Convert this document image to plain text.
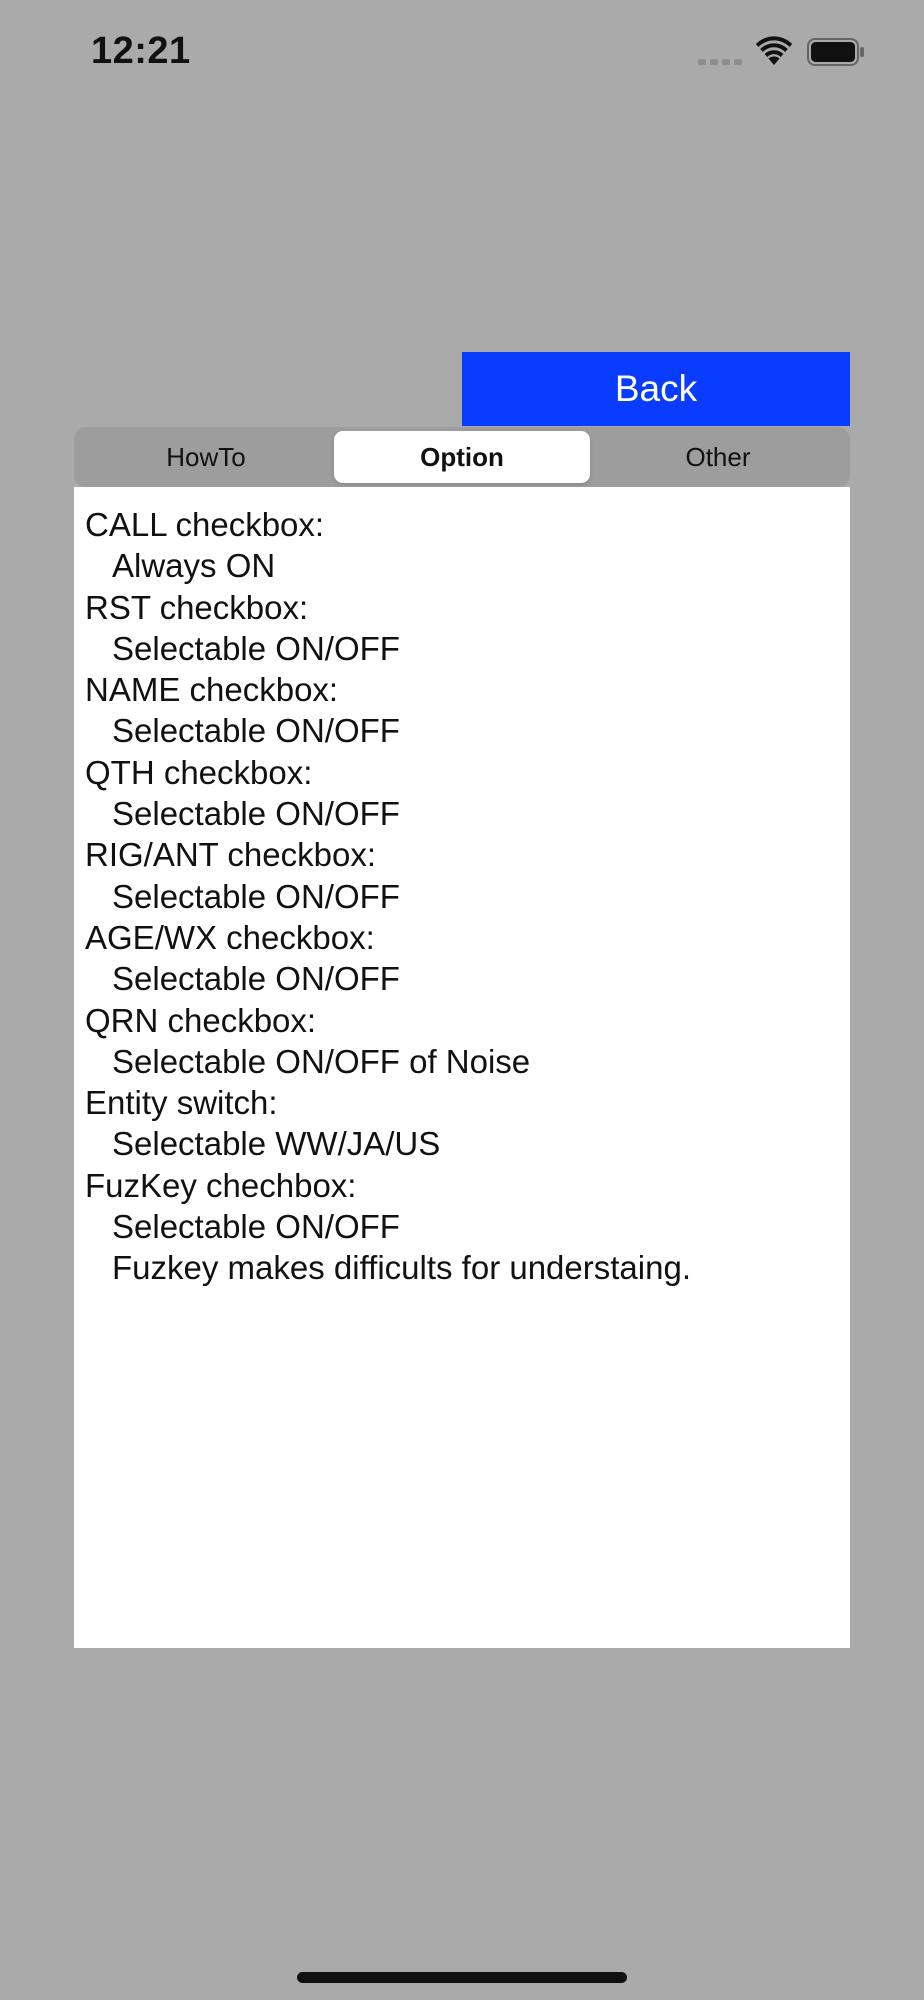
12:21
Back
HowTo	Option	Other
CALL checkbox:
Always ON
RST checkbox:
Selectable ON/OFF
NAME checkbox:
Selectable ON/OFF
QTH checkbox:
Selectable ON/OFF
RIG/ANT checkbox:
Selectable ON/OFF
AGE/WX checkbox:
Selectable ON/OFF
QRN checkbox:
Selectable ON/OFF of Noise
Entity switch:
Selectable WW/JA/US
FuzKey chechbox:
Selectable ON/OFF
Fuzkey makes difficults for understaing.
